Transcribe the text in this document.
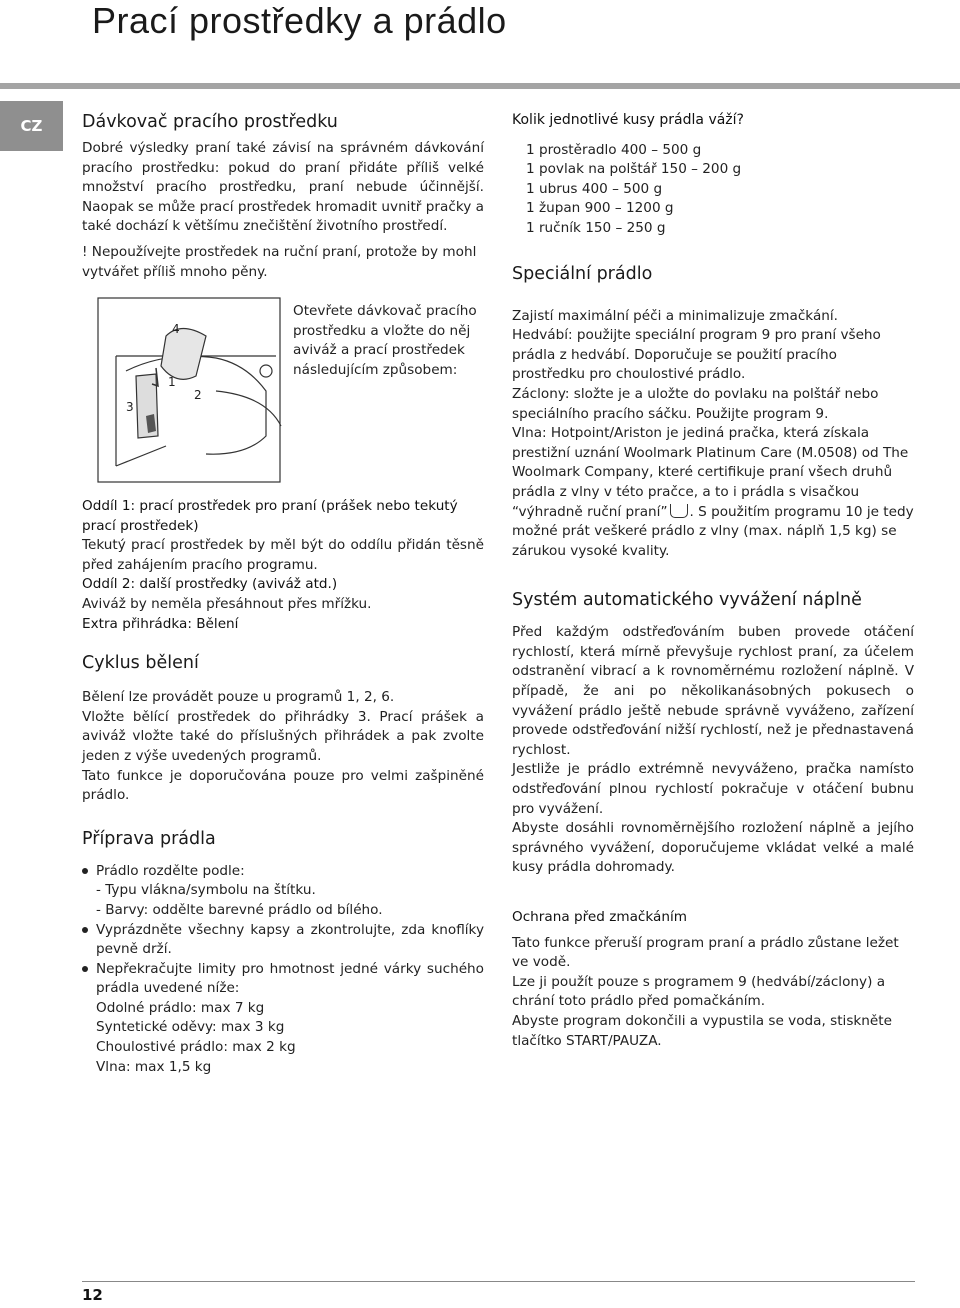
Prací prostředky a prádlo
CZ	Dávkovač pracího prostředku

Dobré výsledky praní také závisí na správném dávkování pracího prostředku: pokud do praní přidáte příliš velké množství pracího prostředku, praní nebude účinnější. Naopak se může prací prostředek hromadit uvnitř pračky a také dochází k většímu znečištění životního prostředí.

! Nepoužívejte prostředek na ruční praní, protože by mohl vytvářet příliš mnoho pěny.

4
1
2
3
Otevřete dávkovač pracího prostředku a vložte do něj aviváž a prací prostředek následujícím způsobem:

Oddíl 1: prací prostředek pro praní (prášek nebo tekutý prací prostředek)

Tekutý prací prostředek by měl být do oddílu přidán těsně před zahájením pracího programu.

Oddíl 2: další prostředky (aviváž atd.)

Aviváž by neměla přesáhnout přes mřížku.

Extra přihrádka: Bělení

Cyklus bělení

Bělení lze provádět pouze u programů 1, 2, 6.

Vložte bělící prostředek do přihrádky 3. Prací prášek a aviváž vložte také do příslušných přihrádek a pak zvolte jeden z výše uvedených programů.

Tato funkce je doporučována pouze pro velmi zašpiněné prádlo.

Příprava prádla
Prádlo rozdělte podle:
- Typu vlákna/symbolu na štítku.
- Barvy: oddělte barevné prádlo od bílého.
Vyprázdněte všechny kapsy a zkontrolujte, zda knoflíky pevně drží.
Nepřekračujte limity pro hmotnost jedné várky suchého prádla uvedené níže:
Odolné prádlo: max 7 kg
Syntetické oděvy: max 3 kg
Choulostivé prádlo: max 2 kg
Vlna: max 1,5 kg

Kolik jednotlivé kusy prádla váží?

1 prostěradlo 400 – 500 g

1 povlak na polštář 150 – 200 g

1 ubrus 400 – 500 g

1 župan 900 – 1200 g

1 ručník 150 – 250 g

Speciální prádlo

Zajistí maximální péči a minimalizuje zmačkání.

Hedvábí: použijte speciální program 9 pro praní všeho prádla z hedvábí. Doporučuje se použití pracího prostředku pro choulostivé prádlo.

Záclony: složte je a uložte do povlaku na polštář nebo speciálního pracího sáčku. Použijte program 9.

Vlna: Hotpoint/Ariston je jediná pračka, která získala prestižní uznání Woolmark Platinum Care (M.0508) od The Woolmark Company, které certifikuje praní všech druhů prádla z vlny v této pračce, a to i prádla s visačkou “výhradně ruční praní” . S použitím programu 10 je tedy možné prát veškeré prádlo z vlny (max. náplň 1,5 kg) se zárukou vysoké kvality.

Systém automatického vyvážení náplně

Před každým odstřeďováním buben provede otáčení rychlostí, která mírně převyšuje rychlost praní, za účelem odstranění vibrací a k rovnoměrnému rozložení náplně. V případě, že ani po několikanásobných pokusech o vyvážení prádlo ještě nebude správně vyváženo, zařízení provede odstřeďování nižší rychlostí, než je přednastavená rychlost.

Jestliže je prádlo extrémně nevyváženo, pračka namísto odstřeďování plnou rychlostí pokračuje v otáčení bubnu pro vyvážení.

Abyste dosáhli rovnoměrnějšího rozložení náplně a jejího správného vyvážení, doporučujeme vkládat velké a malé kusy prádla dohromady.

Ochrana před zmačkáním

Tato funkce přeruší program praní a prádlo zůstane ležet ve vodě.

Lze ji použít pouze s programem 9 (hedvábí/záclony) a chrání toto prádlo před pomačkáním.

Abyste program dokončili a vypustila se voda, stiskněte tlačítko START/PAUZA.

12
